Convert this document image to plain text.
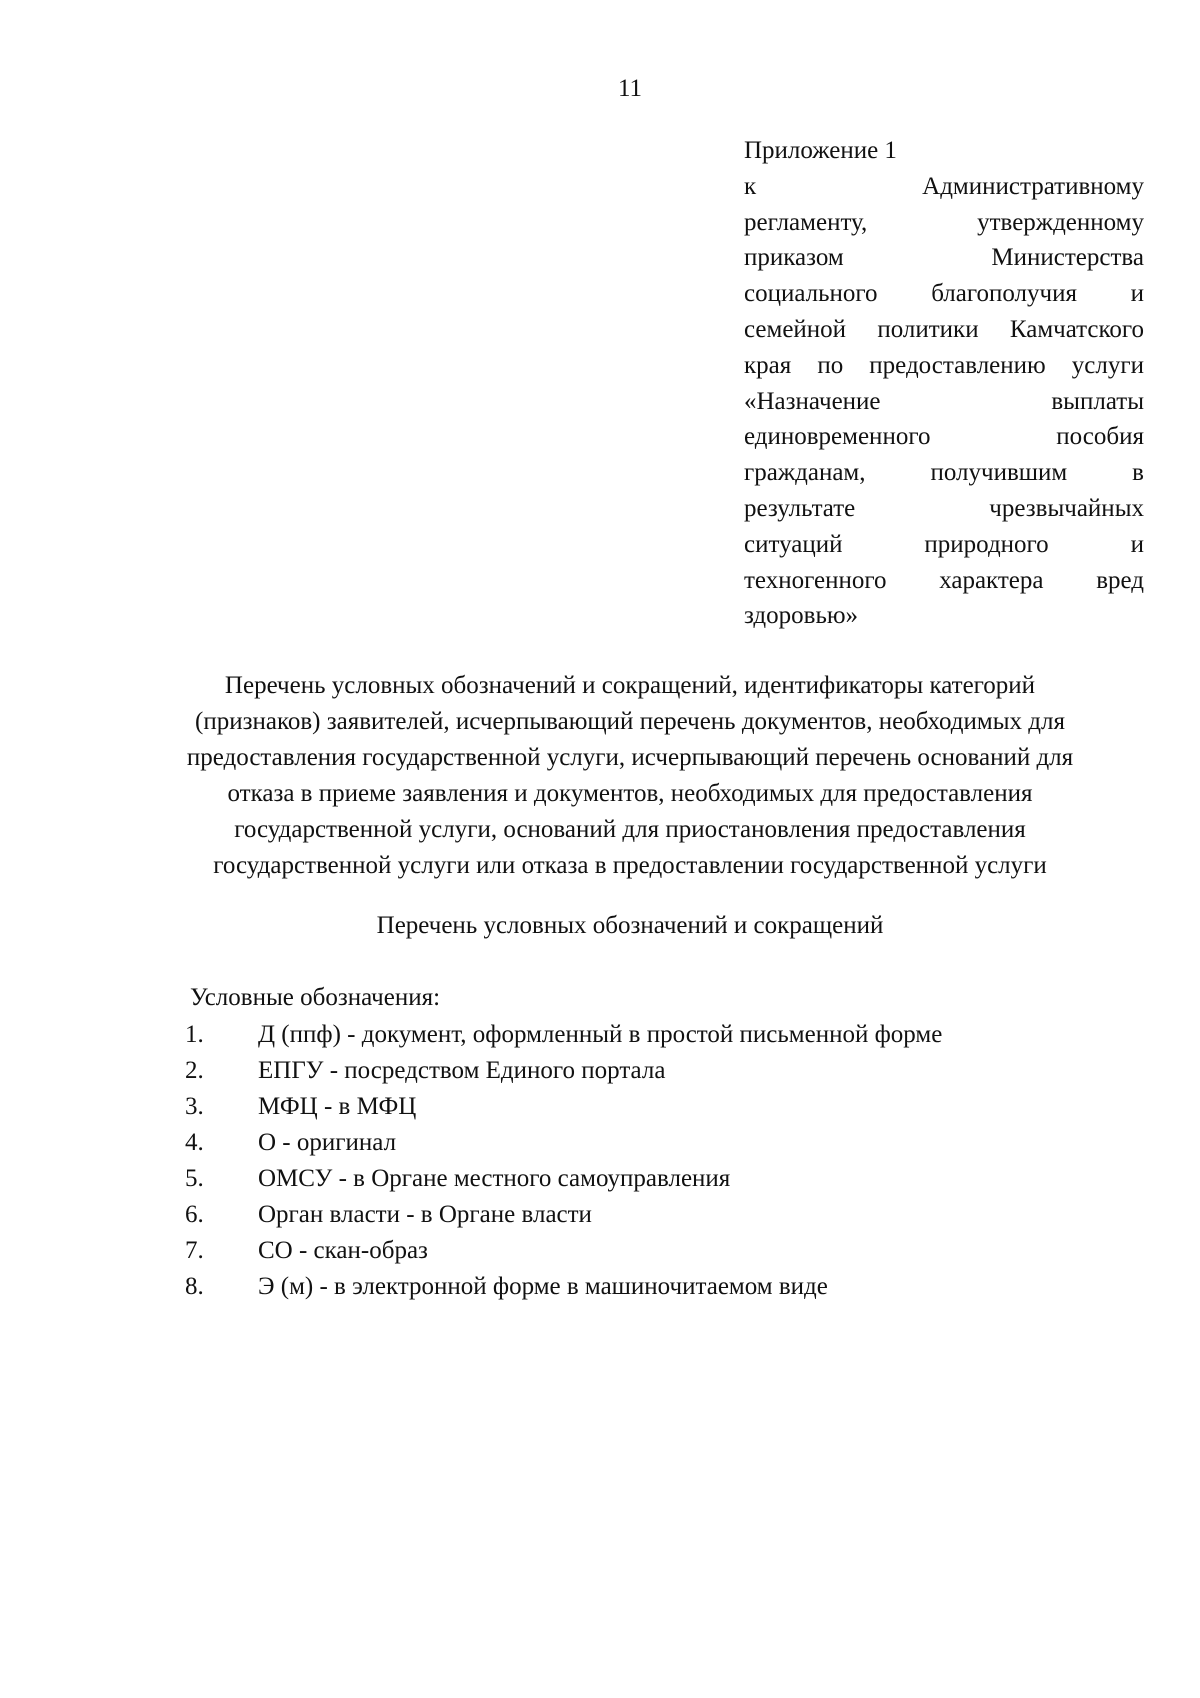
11
Приложение 1
к Административному
регламенту, утвержденному
приказом Министерства
социального благополучия и
семейной политики Камчатского
края по предоставлению услуги
«Назначение выплаты
единовременного пособия
гражданам, получившим в
результате чрезвычайных
ситуаций природного и
техногенного характера вред
здоровью»
Перечень условных обозначений и сокращений, идентификаторы категорий
(признаков) заявителей, исчерпывающий перечень документов, необходимых для
предоставления государственной услуги, исчерпывающий перечень оснований для
отказа в приеме заявления и документов, необходимых для предоставления
государственной услуги, оснований для приостановления предоставления
государственной услуги или отказа в предоставлении государственной услуги
Перечень условных обозначений и сокращений
Условные обозначения:
1.	Д (ппф) - документ, оформленный в простой письменной форме
2.	ЕПГУ - посредством Единого портала
3.	МФЦ - в МФЦ
4.	О - оригинал
5.	ОМСУ - в Органе местного самоуправления
6.	Орган власти - в Органе власти
7.	СО - скан-образ
8.	Э (м) - в электронной форме в машиночитаемом виде
